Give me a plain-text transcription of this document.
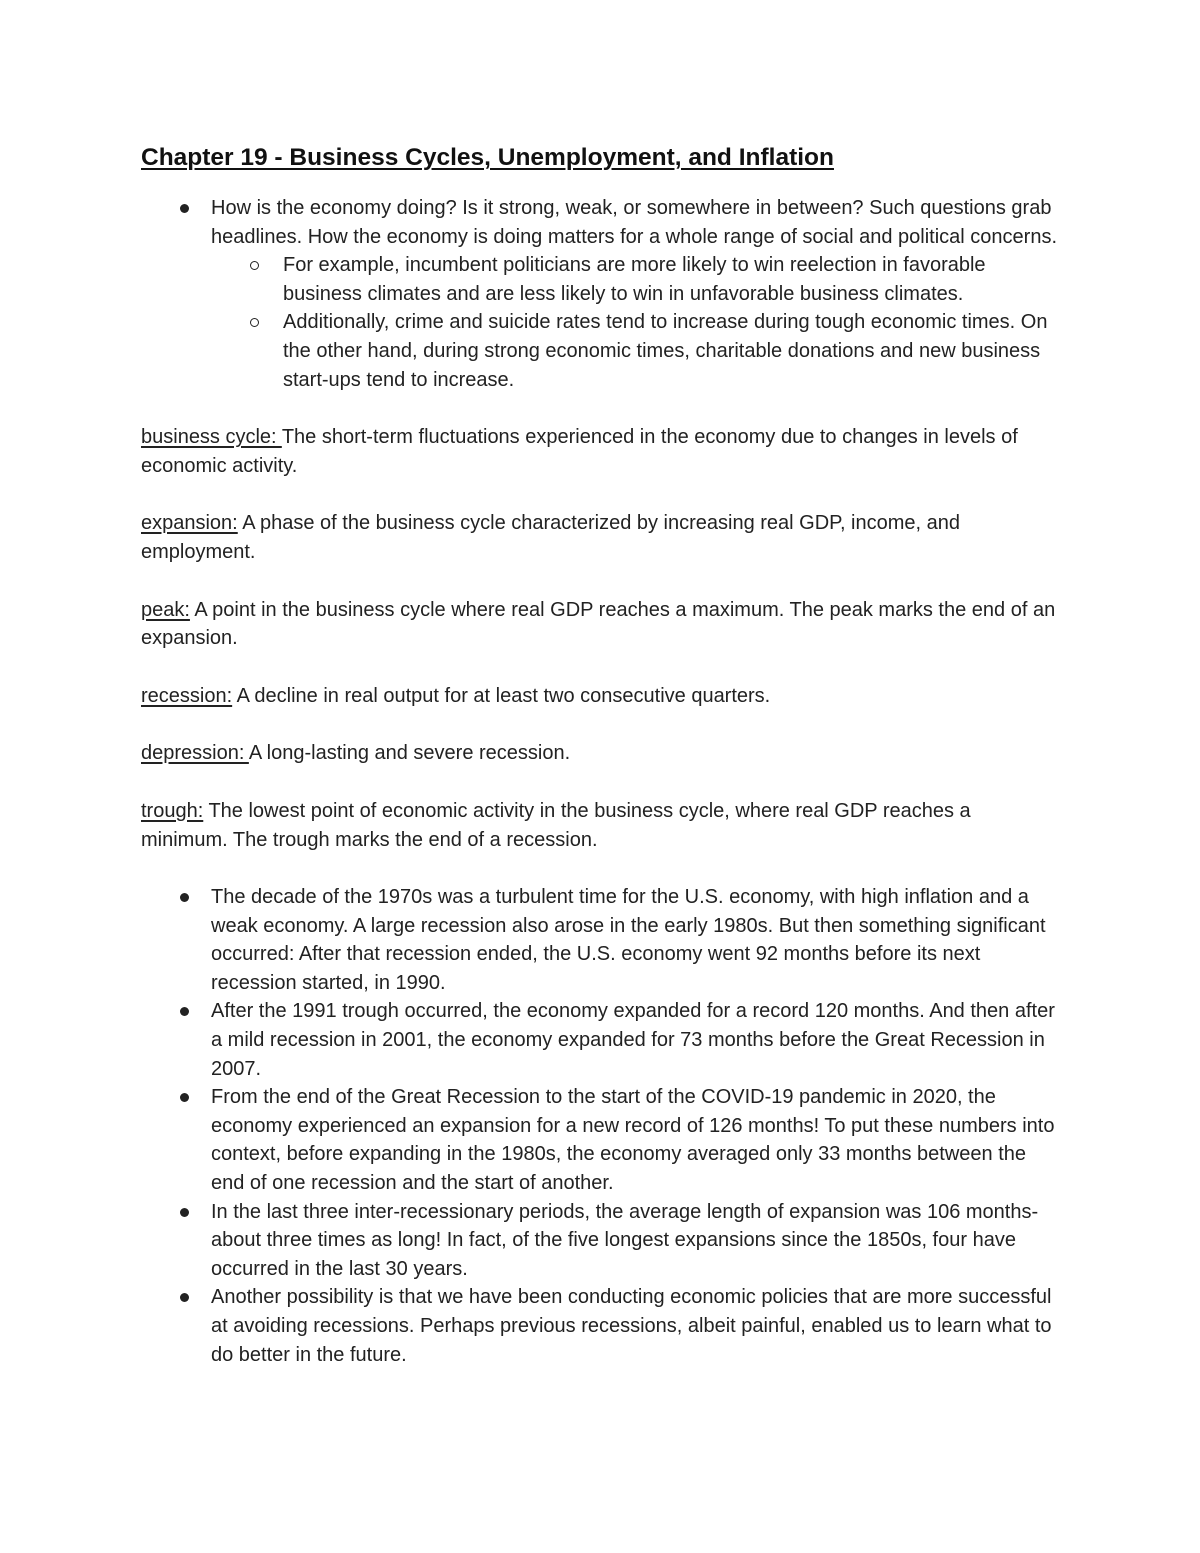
Chapter 19 - Business Cycles, Unemployment, and Inflation
How is the economy doing? Is it strong, weak, or somewhere in between? Such questions grab headlines. How the economy is doing matters for a whole range of social and political concerns.
For example, incumbent politicians are more likely to win reelection in favorable business climates and are less likely to win in unfavorable business climates.
Additionally, crime and suicide rates tend to increase during tough economic times. On the other hand, during strong economic times, charitable donations and new business start-ups tend to increase.

business cycle: The short-term fluctuations experienced in the economy due to changes in levels of economic activity.

expansion: A phase of the business cycle characterized by increasing real GDP, income, and employment.

peak: A point in the business cycle where real GDP reaches a maximum. The peak marks the end of an expansion.

recession: A decline in real output for at least two consecutive quarters.

depression: A long-lasting and severe recession.

trough: The lowest point of economic activity in the business cycle, where real GDP reaches a minimum. The trough marks the end of a recession.

The decade of the 1970s was a turbulent time for the U.S. economy, with high inflation and a weak economy. A large recession also arose in the early 1980s. But then something significant occurred: After that recession ended, the U.S. economy went 92 months before its next recession started, in 1990.
After the 1991 trough occurred, the economy expanded for a record 120 months. And then after a mild recession in 2001, the economy expanded for 73 months before the Great Recession in 2007.
From the end of the Great Recession to the start of the COVID-19 pandemic in 2020, the economy experienced an expansion for a new record of 126 months! To put these numbers into context, before expanding in the 1980s, the economy averaged only 33 months between the end of one recession and the start of another.
In the last three inter-recessionary periods, the average length of expansion was 106 months-about three times as long! In fact, of the five longest expansions since the 1850s, four have occurred in the last 30 years.
Another possibility is that we have been conducting economic policies that are more successful at avoiding recessions. Perhaps previous recessions, albeit painful, enabled us to learn what to do better in the future.
